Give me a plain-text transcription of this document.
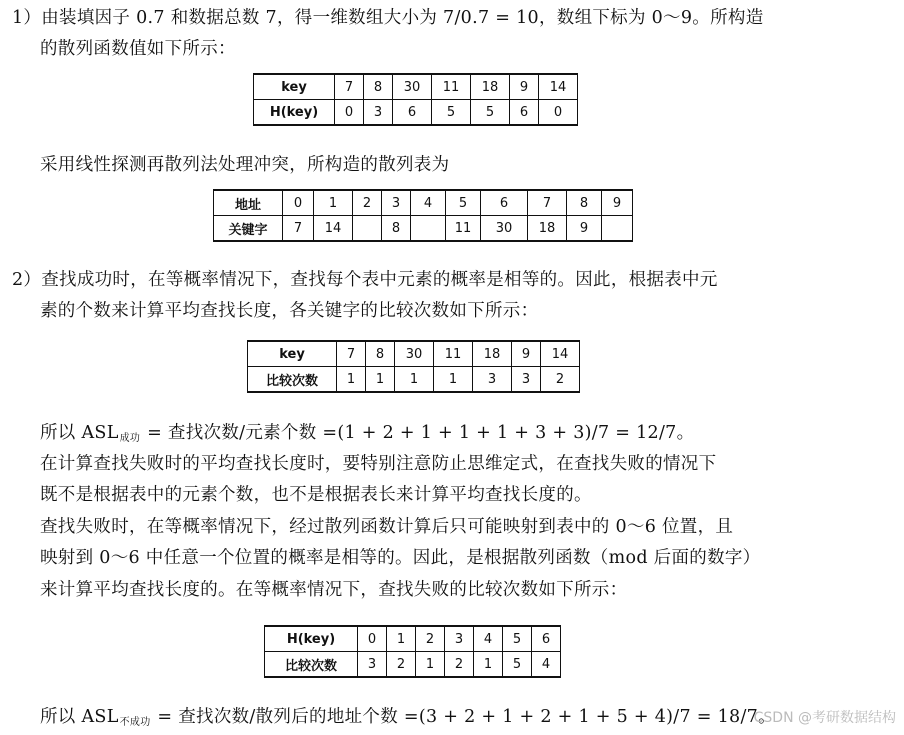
1）由装填因子 0.7 和数据总数 7，得一维数组大小为 7/0.7 = 10，数组下标为 0～9。所构造
的散列函数值如下所示：
key	7	8	30	11	18	9	14
H(key)	0	3	6	5	5	6	0
采用线性探测再散列法处理冲突，所构造的散列表为
地址	0	1	2	3	4	5	6	7	8	9
关键字	7	14		8		11	30	18	9	
2）查找成功时，在等概率情况下，查找每个表中元素的概率是相等的。因此，根据表中元
素的个数来计算平均查找长度，各关键字的比较次数如下所示：
key	7	8	30	11	18	9	14
比较次数	1	1	1	1	3	3	2
所以 $ASL_{成功}$ = 查找次数/元素个数 =(1 + 2 + 1 + 1 + 1 + 3 + 3)/7 = 12/7。
在计算查找失败时的平均查找长度时，要特别注意防止思维定式，在查找失败的情况下
既不是根据表中的元素个数，也不是根据表长来计算平均查找长度的。
查找失败时，在等概率情况下，经过散列函数计算后只可能映射到表中的 0～6 位置，且
映射到 0～6 中任意一个位置的概率是相等的。因此，是根据散列函数（mod 后面的数字）
来计算平均查找长度的。在等概率情况下，查找失败的比较次数如下所示：
H(key)	0	1	2	3	4	5	6
比较次数	3	2	1	2	1	5	4
所以 $ASL_{不成功}$ = 查找次数/散列后的地址个数 =(3 + 2 + 1 + 2 + 1 + 5 + 4)/7 = 18/7。
CSDN @考研数据结构
